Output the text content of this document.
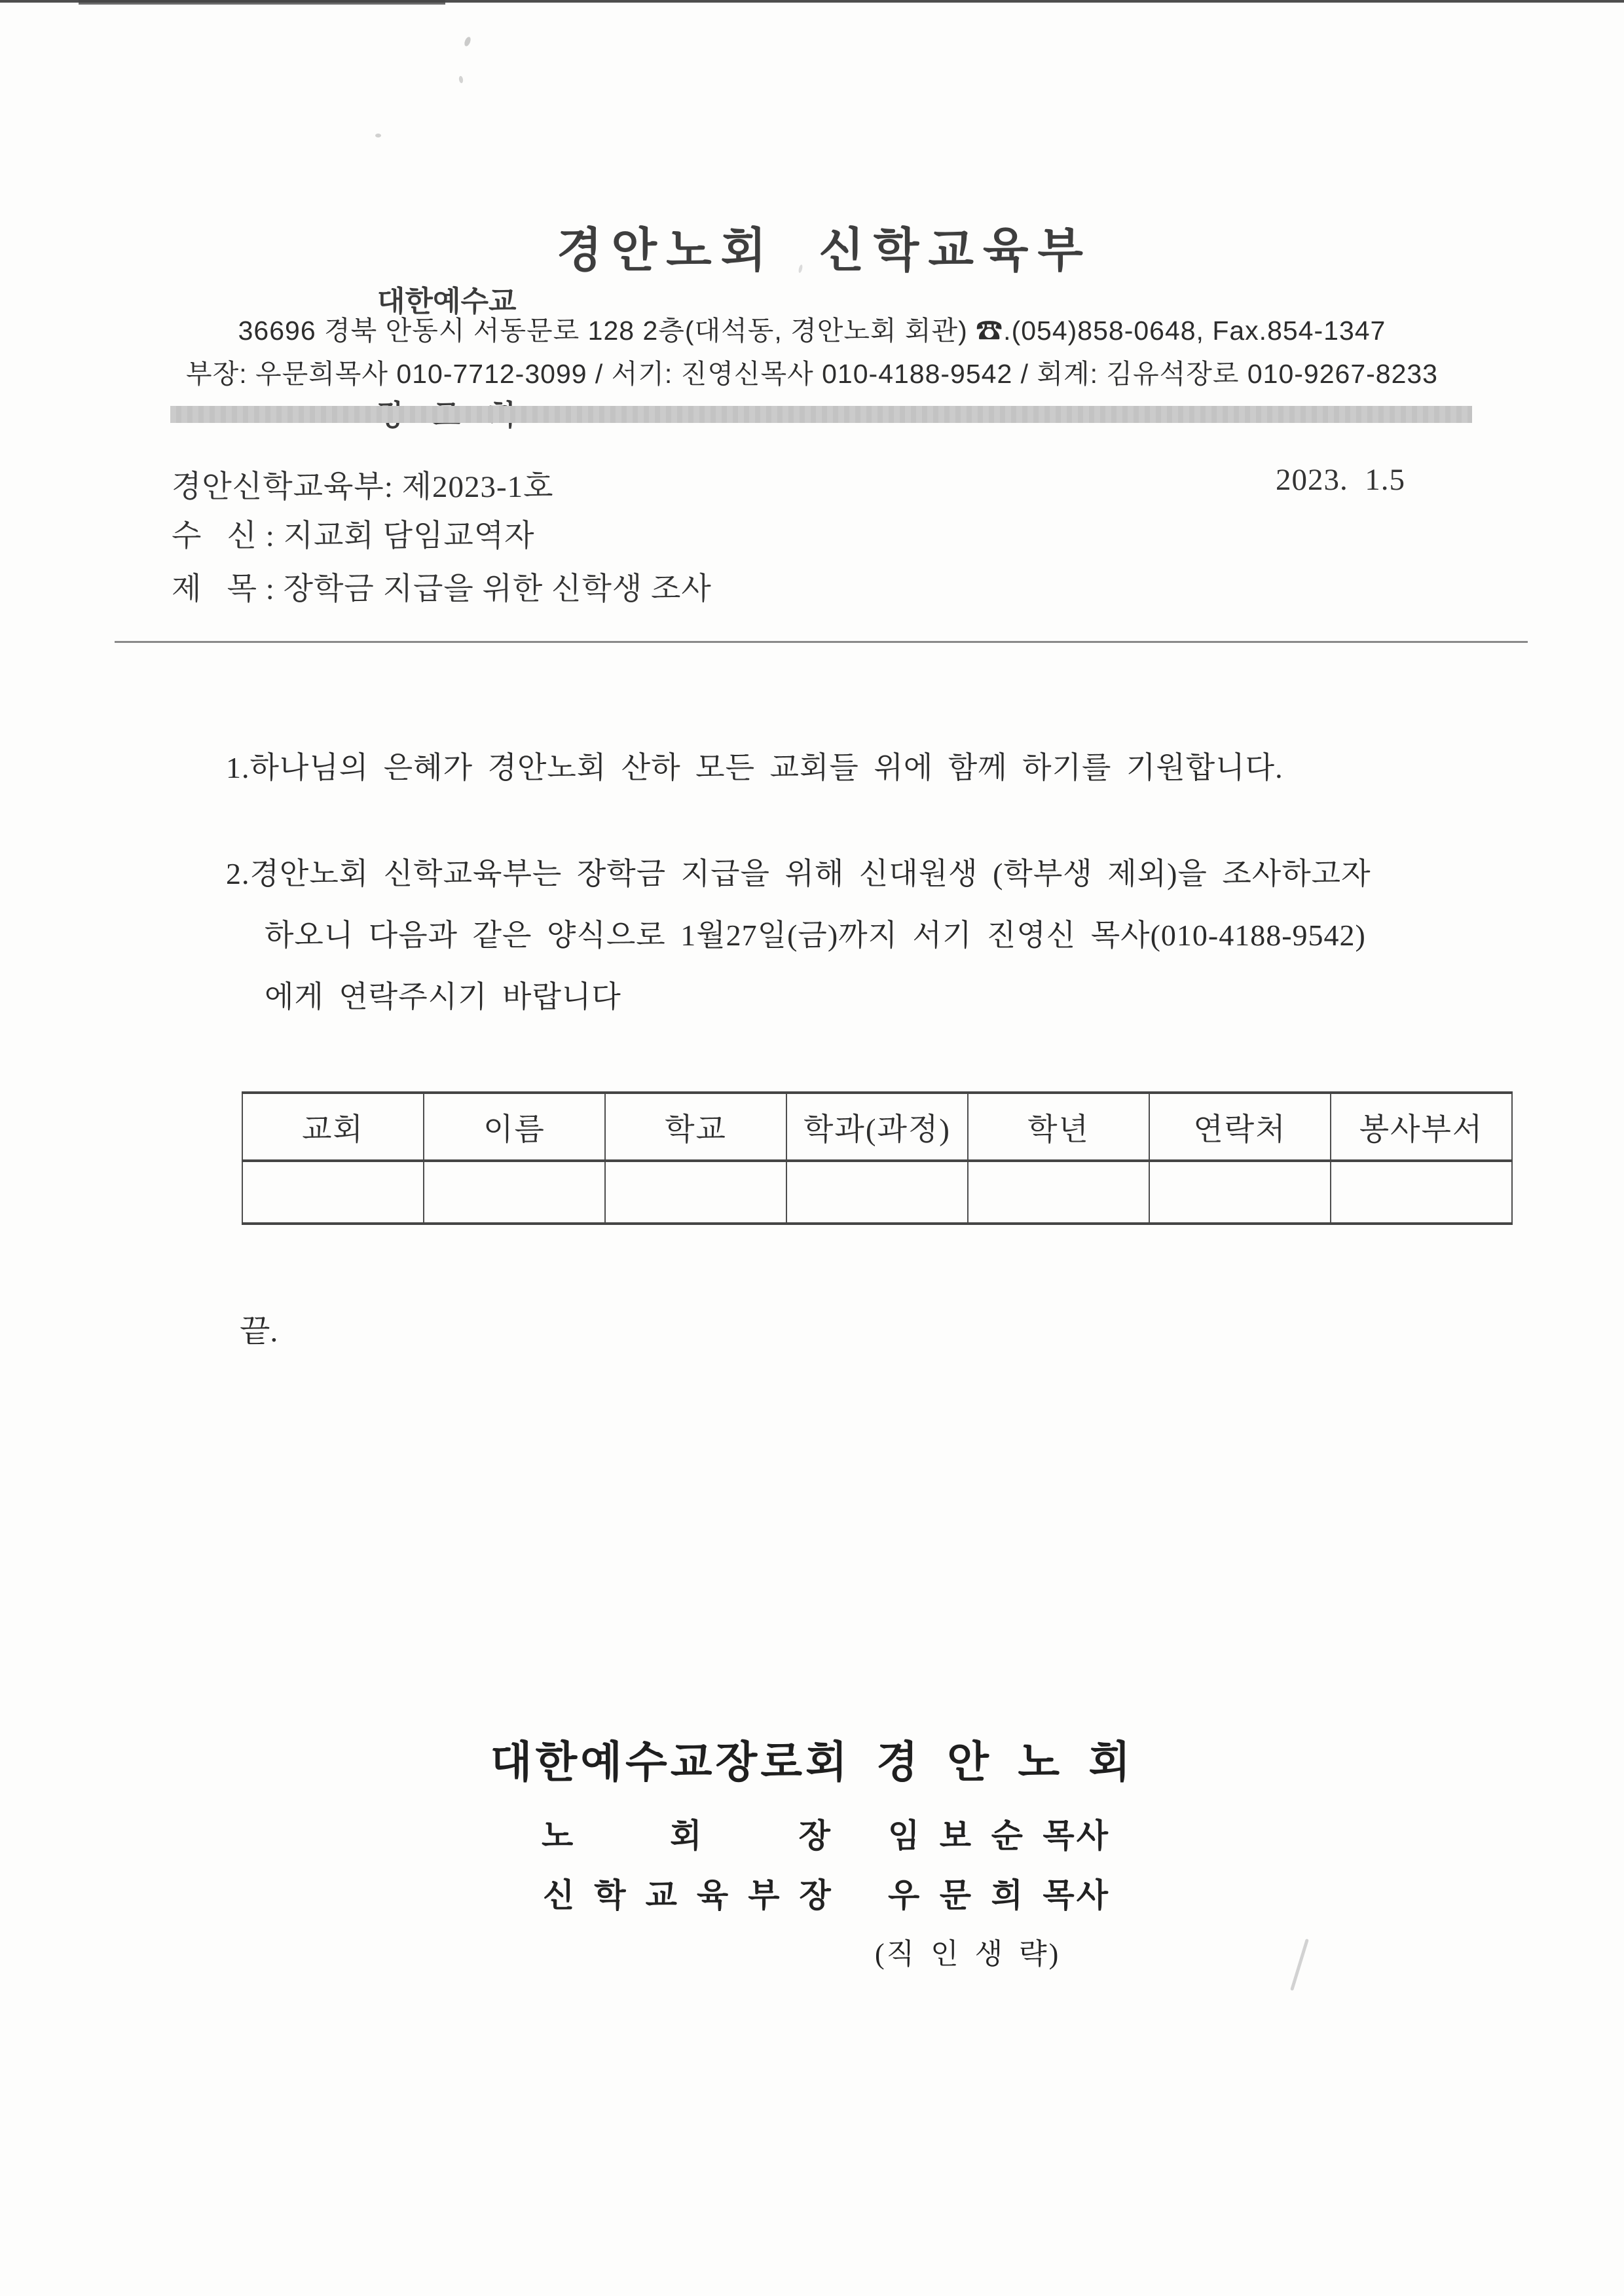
대한예수교

경안노회 신학교육부
36696 경북 안동시 서동문로 128 2층(대석동, 경안노회 회관) ☎.(054)858-0648, Fax.854-1347
부장: 우문희목사 010-7712-3099 / 서기: 진영신목사 010-4188-9542 / 회계: 김유석장로 010-9267-8233
경안신학교육부: 제2023-1호	2023.  1.5
수   신 : 지교회 담임교역자
제   목 : 장학금 지급을 위한 신학생 조사
1.하나님의 은혜가 경안노회 산하 모든 교회들 위에 함께 하기를 기원합니다.
2.경안노회 신학교육부는 장학금 지급을 위해 신대원생 (학부생 제외)을 조사하고자
하오니 다음과 같은 양식으로 1월27일(금)까지 서기 진영신 목사(010-4188-9542)
에게 연락주시기 바랍니다
교회	이름	학교	학과(과정)	학년	연락처	봉사부서

끝.
대한예수교장로회 경 안 노 회
노회장
임 보 순 목사
신학교육부장 우 문 희 목사
(직 인 생 략)
